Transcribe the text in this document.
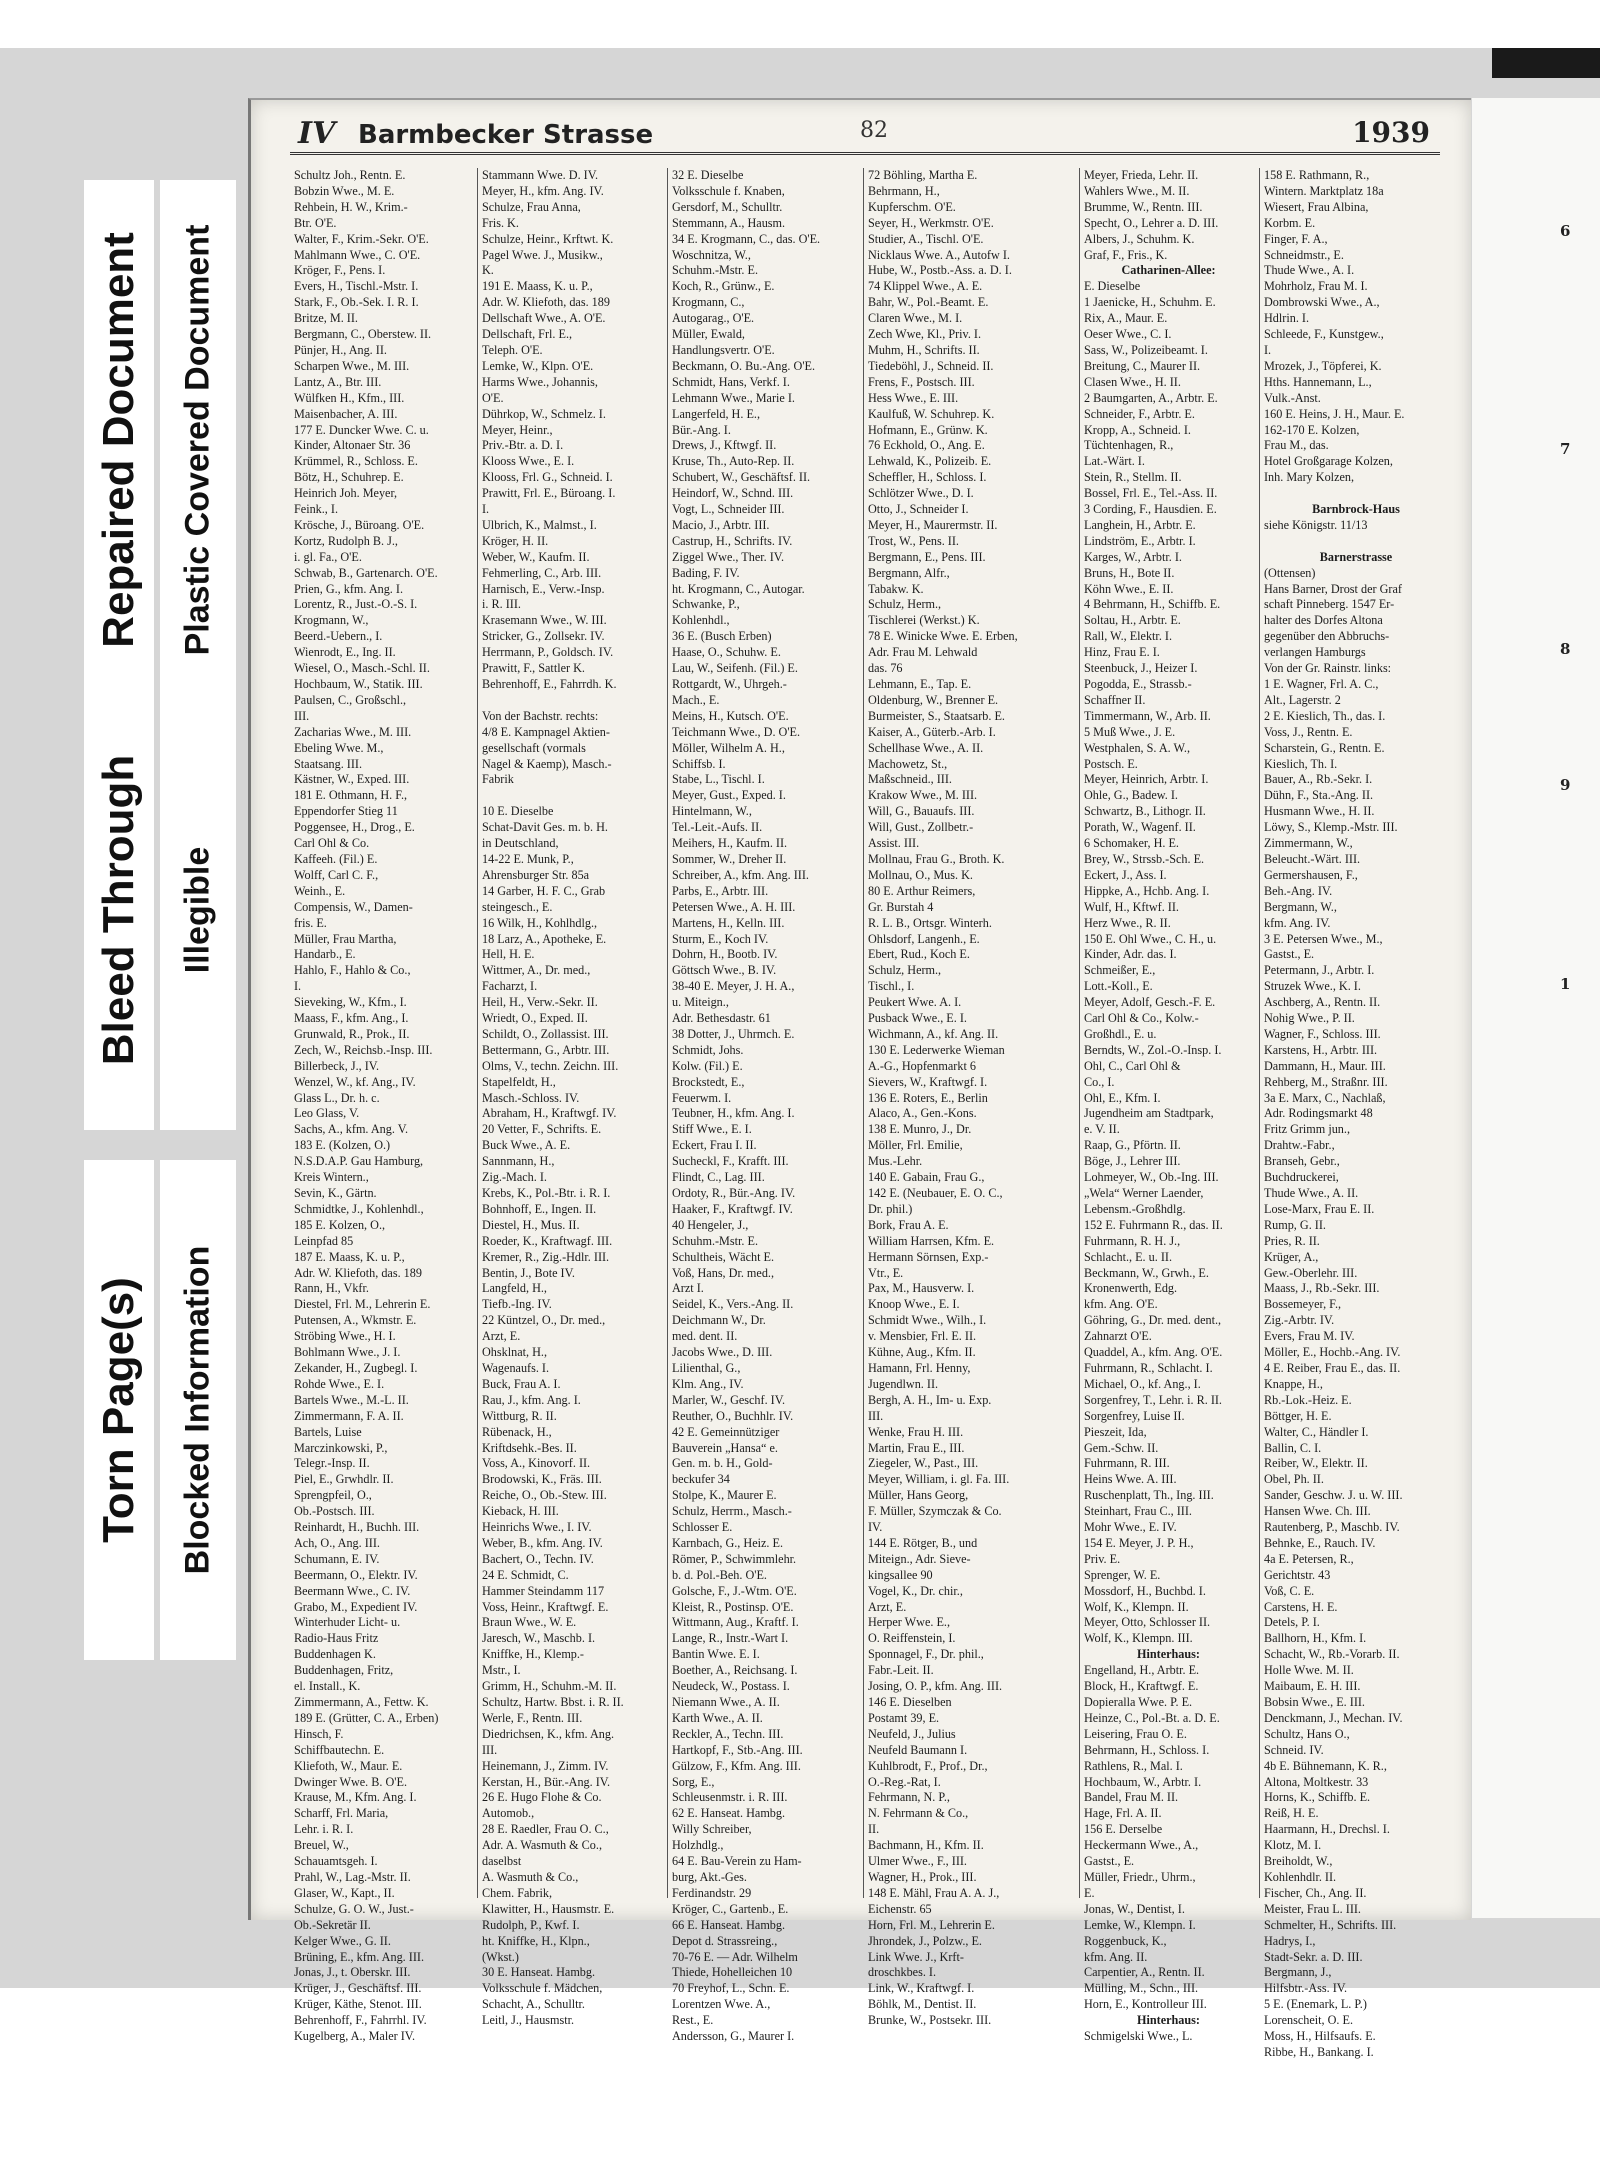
Repaired Document Plastic Covered Document
Bleed Through Illegible
Torn Page(s) Blocked Information
6
7
8
9
1
IV Barmbecker Strasse	82	1939
Schultz Joh., Rentn. E.
Bobzin Wwe., M. E.
Rehbein, H. W., Krim.-
Btr. O'E.
Walter, F., Krim.-Sekr. O'E.
Mahlmann Wwe., C. O'E.
Kröger, F., Pens. I.
Evers, H., Tischl.-Mstr. I.
Stark, F., Ob.-Sek. I. R. I.
Britze, M. II.
Bergmann, C., Oberstew. II.
Pünjer, H., Ang. II.
Scharpen Wwe., M. III.
Lantz, A., Btr. III.
Wülfken H., Kfm., III.
Maisenbacher, A. III.
177 E. Duncker Wwe. C. u.
Kinder, Altonaer Str. 36
Krümmel, R., Schloss. E.
Bötz, H., Schuhrep. E.
Heinrich Joh. Meyer,
Feink., I.
Krösche, J., Büroang. O'E.
Kortz, Rudolph B. J.,
i. gl. Fa., O'E.
Schwab, B., Gartenarch. O'E.
Prien, G., kfm. Ang. I.
Lorentz, R., Just.-O.-S. I.
Krogmann, W.,
Beerd.-Uebern., I.
Wienrodt, E., Ing. II.
Wiesel, O., Masch.-Schl. II.
Hochbaum, W., Statik. III.
Paulsen, C., Großschl.,
III.
Zacharias Wwe., M. III.
Ebeling Wwe. M.,
Staatsang. III.
Kästner, W., Exped. III.
181 E. Othmann, H. F.,
Eppendorfer Stieg 11
Poggensee, H., Drog., E.
Carl Ohl & Co.
Kaffeeh. (Fil.) E.
Wolff, Carl C. F.,
Weinh., E.
Compensis, W., Damen-
fris. E.
Müller, Frau Martha,
Handarb., E.
Hahlo, F., Hahlo & Co.,
I.
Sieveking, W., Kfm., I.
Maass, F., kfm. Ang., I.
Grunwald, R., Prok., II.
Zech, W., Reichsb.-Insp. III.
Billerbeck, J., IV.
Wenzel, W., kf. Ang., IV.
Glass L., Dr. h. c.
Leo Glass, V.
Sachs, A., kfm. Ang. V.
183 E. (Kolzen, O.)
N.S.D.A.P. Gau Hamburg,
Kreis Wintern.,
Sevin, K., Gärtn.
Schmidtke, J., Kohlenhdl.,
185 E. Kolzen, O.,
Leinpfad 85
187 E. Maass, K. u. P.,
Adr. W. Kliefoth, das. 189
Rann, H., Vkfr.
Diestel, Frl. M., Lehrerin E.
Putensen, A., Wkmstr. E.
Ströbing Wwe., H. I.
Bohlmann Wwe., J. I.
Zekander, H., Zugbegl. I.
Rohde Wwe., E. I.
Bartels Wwe., M.-L. II.
Zimmermann, F. A. II.
Bartels, Luise
Marczinkowski, P.,
Telegr.-Insp. II.
Piel, E., Grwhdlr. II.
Sprengpfeil, O.,
Ob.-Postsch. III.
Reinhardt, H., Buchh. III.
Ach, O., Ang. III.
Schumann, E. IV.
Beermann, O., Elektr. IV.
Beermann Wwe., C. IV.
Grabo, M., Expedient IV.
Winterhuder Licht- u.
Radio-Haus Fritz
Buddenhagen K.
Buddenhagen, Fritz,
el. Install., K.
Zimmermann, A., Fettw. K.
189 E. (Grütter, C. A., Erben)
Hinsch, F.
Schiffbautechn. E.
Kliefoth, W., Maur. E.
Dwinger Wwe. B. O'E.
Krause, M., Kfm. Ang. I.
Scharff, Frl. Maria,
Lehr. i. R. I.
Breuel, W.,
Schauamtsgeh. I.
Prahl, W., Lag.-Mstr. II.
Glaser, W., Kapt., II.
Schulze, G. O. W., Just.-
Ob.-Sekretär II.
Kelger Wwe., G. II.
Brüning, E., kfm. Ang. III.
Jonas, J., t. Oberskr. III.
Krüger, J., Geschäftsf. III.
Krüger, Käthe, Stenot. III.
Behrenhoff, F., Fahrrhl. IV.
Kugelberg, A., Maler IV.
Stammann Wwe. D. IV.
Meyer, H., kfm. Ang. IV.
Schulze, Frau Anna,
Fris. K.
Schulze, Heinr., Krftwt. K.
Pagel Wwe. J., Musikw.,
K.
191 E. Maass, K. u. P.,
Adr. W. Kliefoth, das. 189
Dellschaft Wwe., A. O'E.
Dellschaft, Frl. E.,
Teleph. O'E.
Lemke, W., Klpn. O'E.
Harms Wwe., Johannis,
O'E.
Dührkop, W., Schmelz. I.
Meyer, Heinr.,
Priv.-Btr. a. D. I.
Klooss Wwe., E. I.
Klooss, Frl. G., Schneid. I.
Prawitt, Frl. E., Büroang. I.
I.
Ulbrich, K., Malmst., I.
Kröger, H. II.
Weber, W., Kaufm. II.
Fehmerling, C., Arb. III.
Harnisch, E., Verw.-Insp.
i. R. III.
Krasemann Wwe., W. III.
Stricker, G., Zollsekr. IV.
Herrmann, P., Goldsch. IV.
Prawitt, F., Sattler K.
Behrenhoff, E., Fahrrdh. K.

Von der Bachstr. rechts:
4/8 E. Kampnagel Aktien-
gesellschaft (vormals
Nagel & Kaemp), Masch.-
Fabrik

10 E. Dieselbe
Schat-Davit Ges. m. b. H.
in Deutschland,
14-22 E. Munk, P.,
Ahrensburger Str. 85a
14 Garber, H. F. C., Grab
steingesch., E.
16 Wilk, H., Kohlhdlg.,
18 Larz, A., Apotheke, E.
Hell, H. E.
Wittmer, A., Dr. med.,
Facharzt, I.
Heil, H., Verw.-Sekr. II.
Wriedt, O., Exped. II.
Schildt, O., Zollassist. III.
Bettermann, G., Arbtr. III.
Olms, V., techn. Zeichn. III.
Stapelfeldt, H.,
Masch.-Schloss. IV.
Abraham, H., Kraftwgf. IV.
20 Vetter, F., Schrifts. E.
Buck Wwe., A. E.
Sannmann, H.,
Zig.-Mach. I.
Krebs, K., Pol.-Btr. i. R. I.
Bohnhoff, E., Ingen. II.
Diestel, H., Mus. II.
Roeder, K., Kraftwagf. III.
Kremer, R., Zig.-Hdlr. III.
Bentin, J., Bote IV.
Langfeld, H.,
Tiefb.-Ing. IV.
22 Küntzel, O., Dr. med.,
Arzt, E.
Ohsklnat, H.,
Wagenaufs. I.
Buck, Frau A. I.
Rau, J., kfm. Ang. I.
Wittburg, R. II.
Rübenack, H.,
Kriftdsehk.-Bes. II.
Voss, A., Kinovorf. II.
Brodowski, K., Fräs. III.
Reiche, O., Ob.-Stew. III.
Kieback, H. III.
Heinrichs Wwe., I. IV.
Weber, B., kfm. Ang. IV.
Bachert, O., Techn. IV.
24 E. Schmidt, C.
Hammer Steindamm 117
Voss, Heinr., Kraftwgf. E.
Braun Wwe., W. E.
Jaresch, W., Maschb. I.
Kniffke, H., Klemp.-
Mstr., I.
Grimm, H., Schuhm.-M. II.
Schultz, Hartw. Bbst. i. R. II.
Werle, F., Rentn. III.
Diedrichsen, K., kfm. Ang.
III.
Heinemann, J., Zimm. IV.
Kerstan, H., Bür.-Ang. IV.
26 E. Hugo Flohe & Co.
Automob.,
28 E. Raedler, Frau O. C.,
Adr. A. Wasmuth & Co.,
daselbst
A. Wasmuth & Co.,
Chem. Fabrik,
Klawitter, H., Hausmstr. E.
Rudolph, P., Kwf. I.
ht. Kniffke, H., Klpn.,
(Wkst.)
30 E. Hanseat. Hambg.
Volksschule f. Mädchen,
Schacht, A., Schulltr.
Leitl, J., Hausmstr.
32 E. Dieselbe
Volksschule f. Knaben,
Gersdorf, M., Schulltr.
Stemmann, A., Hausm.
34 E. Krogmann, C., das. O'E.
Woschnitza, W.,
Schuhm.-Mstr. E.
Koch, R., Grünw., E.
Krogmann, C.,
Autogarag., O'E.
Müller, Ewald,
Handlungsvertr. O'E.
Beckmann, O. Bu.-Ang. O'E.
Schmidt, Hans, Verkf. I.
Lehmann Wwe., Marie I.
Langerfeld, H. E.,
Bür.-Ang. I.
Drews, J., Kftwgf. II.
Kruse, Th., Auto-Rep. II.
Schubert, W., Geschäftsf. II.
Heindorf, W., Schnd. III.
Vogt, L., Schneider III.
Macio, J., Arbtr. III.
Castrup, H., Schrifts. IV.
Ziggel Wwe., Ther. IV.
Bading, F. IV.
ht. Krogmann, C., Autogar.
Schwanke, P.,
Kohlenhdl.,
36 E. (Busch Erben)
Haase, O., Schuhw. E.
Lau, W., Seifenh. (Fil.) E.
Rottgardt, W., Uhrgeh.-
Mach., E.
Meins, H., Kutsch. O'E.
Teichmann Wwe., D. O'E.
Möller, Wilhelm A. H.,
Schiffsb. I.
Stabe, L., Tischl. I.
Meyer, Gust., Exped. I.
Hintelmann, W.,
Tel.-Leit.-Aufs. II.
Meihers, H., Kaufm. II.
Sommer, W., Dreher II.
Schreiber, A., kfm. Ang. III.
Parbs, E., Arbtr. III.
Petersen Wwe., A. H. III.
Martens, H., Kelln. III.
Sturm, E., Koch IV.
Dohrn, H., Bootb. IV.
Göttsch Wwe., B. IV.
38-40 E. Meyer, J. H. A.,
u. Miteign.,
Adr. Bethesdastr. 61
38 Dotter, J., Uhrmch. E.
Schmidt, Johs.
Kolw. (Fil.) E.
Brockstedt, E.,
Feuerwm. I.
Teubner, H., kfm. Ang. I.
Stiff Wwe., E. I.
Eckert, Frau I. II.
Sucheckl, F., Krafft. III.
Flindt, C., Lag. III.
Ordoty, R., Bür.-Ang. IV.
Haaker, F., Kraftwgf. IV.
40 Hengeler, J.,
Schuhm.-Mstr. E.
Schultheis, Wächt E.
Voß, Hans, Dr. med.,
Arzt I.
Seidel, K., Vers.-Ang. II.
Deichmann W., Dr.
med. dent. II.
Jacobs Wwe., D. III.
Lilienthal, G.,
Klm. Ang., IV.
Marler, W., Geschf. IV.
Reuther, O., Buchhlr. IV.
42 E. Gemeinnütziger
Bauverein „Hansa“ e.
Gen. m. b. H., Gold-
beckufer 34
Stolpe, K., Maurer E.
Schulz, Herrm., Masch.-
Schlosser E.
Karnbach, G., Heiz. E.
Römer, P., Schwimmlehr.
b. d. Pol.-Beh. O'E.
Golsche, F., J.-Wtm. O'E.
Kleist, R., Postinsp. O'E.
Wittmann, Aug., Kraftf. I.
Lange, R., Instr.-Wart I.
Bantin Wwe. E. I.
Boether, A., Reichsang. I.
Neudeck, W., Postass. I.
Niemann Wwe., A. II.
Karth Wwe., A. II.
Reckler, A., Techn. III.
Hartkopf, F., Stb.-Ang. III.
Gülzow, F., Kfm. Ang. III.
Sorg, E.,
Schleusenmstr. i. R. III.
62 E. Hanseat. Hambg.
Willy Schreiber,
Holzhdlg.,
64 E. Bau-Verein zu Ham-
burg, Akt.-Ges.
Ferdinandstr. 29
Kröger, C., Gartenb., E.
66 E. Hanseat. Hambg.
Depot d. Strassreing.,
70-76 E. — Adr. Wilhelm
Thiede, Hohelleichen 10
70 Freyhof, L., Schn. E.
Lorentzen Wwe. A.,
Rest., E.
Andersson, G., Maurer I.
72 Böhling, Martha E.
Behrmann, H.,
Kupferschm. O'E.
Seyer, H., Werkmstr. O'E.
Studier, A., Tischl. O'E.
Nicklaus Wwe. A., Autofw I.
Hube, W., Postb.-Ass. a. D. I.
74 Klippel Wwe., A. E.
Bahr, W., Pol.-Beamt. E.
Claren Wwe., M. I.
Zech Wwe, Kl., Priv. I.
Muhm, H., Schrifts. II.
Tiedeböhl, J., Schneid. II.
Frens, F., Postsch. III.
Hess Wwe., E. III.
Kaulfuß, W. Schuhrep. K.
Hofmann, E., Grünw. K.
76 Eckhold, O., Ang. E.
Lehwald, K., Polizeib. E.
Scheffler, H., Schloss. I.
Schlötzer Wwe., D. I.
Otto, J., Schneider I.
Meyer, H., Maurermstr. II.
Trost, W., Pens. II.
Bergmann, E., Pens. III.
Bergmann, Alfr.,
Tabakw. K.
Schulz, Herm.,
Tischlerei (Werkst.) K.
78 E. Winicke Wwe. E. Erben,
Adr. Frau M. Lehwald
das. 76
Lehmann, E., Tap. E.
Oldenburg, W., Brenner E.
Burmeister, S., Staatsarb. E.
Kaiser, A., Güterb.-Arb. I.
Schellhase Wwe., A. II.
Machowetz, St.,
Maßschneid., III.
Krakow Wwe., M. III.
Will, G., Bauaufs. III.
Will, Gust., Zollbetr.-
Assist. III.
Mollnau, Frau G., Broth. K.
Mollnau, O., Mus. K.
80 E. Arthur Reimers,
Gr. Burstah 4
R. L. B., Ortsgr. Winterh.
Ohlsdorf, Langenh., E.
Ebert, Rud., Koch E.
Schulz, Herm.,
Tischl., I.
Peukert Wwe. A. I.
Pusback Wwe., E. I.
Wichmann, A., kf. Ang. II.
130 E. Lederwerke Wieman
A.-G., Hopfenmarkt 6
Sievers, W., Kraftwgf. I.
136 E. Roters, E., Berlin
Alaco, A., Gen.-Kons.
138 E. Munro, J., Dr.
Möller, Frl. Emilie,
Mus.-Lehr.
140 E. Gabain, Frau G.,
142 E. (Neubauer, E. O. C.,
Dr. phil.)
Bork, Frau A. E.
William Harrsen, Kfm. E.
Hermann Sörnsen, Exp.-
Vtr., E.
Pax, M., Hausverw. I.
Knoop Wwe., E. I.
Schmidt Wwe., Wilh., I.
v. Mensbier, Frl. E. II.
Kühne, Aug., Kfm. II.
Hamann, Frl. Henny,
Jugendlwn. II.
Bergh, A. H., Im- u. Exp.
III.
Wenke, Frau H. III.
Martin, Frau E., III.
Ziegeler, W., Past., III.
Meyer, William, i. gl. Fa. III.
Müller, Hans Georg,
F. Müller, Szymczak & Co.
IV.
144 E. Rötger, B., und
Miteign., Adr. Sieve-
kingsallee 90
Vogel, K., Dr. chir.,
Arzt, E.
Herper Wwe. E.,
O. Reiffenstein, I.
Sponnagel, F., Dr. phil.,
Fabr.-Leit. II.
Josing, O. P., kfm. Ang. III.
146 E. Dieselben
Postamt 39, E.
Neufeld, J., Julius
Neufeld Baumann I.
Kuhlbrodt, F., Prof., Dr.,
O.-Reg.-Rat, I.
Fehrmann, N. P.,
N. Fehrmann & Co.,
II.
Bachmann, H., Kfm. II.
Ulmer Wwe., F., III.
Wagner, H., Prok., III.
148 E. Mähl, Frau A. A. J.,
Eichenstr. 65
Horn, Frl. M., Lehrerin E.
Jhrondek, J., Polzw., E.
Link Wwe. J., Krft-
droschkbes. I.
Link, W., Kraftwgf. I.
Böhlk, M., Dentist. II.
Brunke, W., Postsekr. III.
Meyer, Frieda, Lehr. II.
Wahlers Wwe., M. II.
Brumme, W., Rentn. III.
Specht, O., Lehrer a. D. III.
Albers, J., Schuhm. K.
Graf, F., Fris., K.
Catharinen-Allee:
E. Dieselbe
1 Jaenicke, H., Schuhm. E.
Rix, A., Maur. E.
Oeser Wwe., C. I.
Sass, W., Polizeibeamt. I.
Breitung, C., Maurer II.
Clasen Wwe., H. II.
2 Baumgarten, A., Arbtr. E.
Schneider, F., Arbtr. E.
Kropp, A., Schneid. I.
Tüchtenhagen, R.,
Lat.-Wärt. I.
Stein, R., Stellm. II.
Bossel, Frl. E., Tel.-Ass. II.
3 Cording, F., Hausdien. E.
Langhein, H., Arbtr. E.
Lindström, E., Arbtr. I.
Karges, W., Arbtr. I.
Bruns, H., Bote II.
Köhn Wwe., E. II.
4 Behrmann, H., Schiffb. E.
Soltau, H., Arbtr. E.
Rall, W., Elektr. I.
Hinz, Frau E. I.
Steenbuck, J., Heizer I.
Pogodda, E., Strassb.-
Schaffner II.
Timmermann, W., Arb. II.
5 Muß Wwe., J. E.
Westphalen, S. A. W.,
Postsch. E.
Meyer, Heinrich, Arbtr. I.
Ohle, G., Badew. I.
Schwartz, B., Lithogr. II.
Porath, W., Wagenf. II.
6 Schomaker, H. E.
Brey, W., Strssb.-Sch. E.
Eckert, J., Ass. I.
Hippke, A., Hchb. Ang. I.
Wulf, H., Kftwf. II.
Herz Wwe., R. II.
150 E. Ohl Wwe., C. H., u.
Kinder, Adr. das. I.
Schmeißer, E.,
Lott.-Koll., E.
Meyer, Adolf, Gesch.-F. E.
Carl Ohl & Co., Kolw.-
Großhdl., E. u.
Berndts, W., Zol.-O.-Insp. I.
Ohl, C., Carl Ohl &
Co., I.
Ohl, E., Kfm. I.
Jugendheim am Stadtpark,
e. V. II.
Raap, G., Pförtn. II.
Böge, J., Lehrer III.
Lohmeyer, W., Ob.-Ing. III.
„Wela“ Werner Laender,
Lebensm.-Großhdlg.
152 E. Fuhrmann R., das. II.
Fuhrmann, R. H. J.,
Schlacht., E. u. II.
Beckmann, W., Grwh., E.
Kronenwerth, Edg.
kfm. Ang. O'E.
Göhring, G., Dr. med. dent.,
Zahnarzt O'E.
Quaddel, A., kfm. Ang. O'E.
Fuhrmann, R., Schlacht. I.
Michael, O., kf. Ang., I.
Sorgenfrey, T., Lehr. i. R. II.
Sorgenfrey, Luise II.
Pieszeit, Ida,
Gem.-Schw. II.
Fuhrmann, R. III.
Heins Wwe. A. III.
Ruschenplatt, Th., Ing. III.
Steinhart, Frau C., III.
Mohr Wwe., E. IV.
154 E. Meyer, J. P. H.,
Priv. E.
Sprenger, W. E.
Mossdorf, H., Buchbd. I.
Wolf, K., Klempn. II.
Meyer, Otto, Schlosser II.
Wolf, K., Klempn. III.
Hinterhaus:
Engelland, H., Arbtr. E.
Block, H., Kraftwgf. E.
Dopieralla Wwe. P. E.
Heinze, C., Pol.-Bt. a. D. E.
Leisering, Frau O. E.
Behrmann, H., Schloss. I.
Rathlens, R., Mal. I.
Hochbaum, W., Arbtr. I.
Bandel, Frau M. II.
Hage, Frl. A. II.
156 E. Derselbe
Heckermann Wwe., A.,
Gastst., E.
Müller, Friedr., Uhrm.,
E.
Jonas, W., Dentist, I.
Lemke, W., Klempn. I.
Roggenbuck, K.,
kfm. Ang. II.
Carpentier, A., Rentn. II.
Mülling, M., Schn., III.
Horn, E., Kontrolleur III.
Hinterhaus:
Schmigelski Wwe., L.
158 E. Rathmann, R.,
Wintern. Marktplatz 18a
Wiesert, Frau Albina,
Korbm. E.
Finger, F. A.,
Schneidmstr., E.
Thude Wwe., A. I.
Mohrholz, Frau M. I.
Dombrowski Wwe., A.,
Hdlrin. I.
Schleede, F., Kunstgew.,
I.
Mrozek, J., Töpferei, K.
Hths. Hannemann, L.,
Vulk.-Anst.
160 E. Heins, J. H., Maur. E.
162-170 E. Kolzen,
Frau M., das.
Hotel Großgarage Kolzen,
Inh. Mary Kolzen,

Barnbrock-Haus
siehe Königstr. 11/13

Barnerstrasse
(Ottensen)
Hans Barner, Drost der Graf
schaft Pinneberg. 1547 Er-
halter des Dorfes Altona
gegenüber den Abbruchs-
verlangen Hamburgs
Von der Gr. Rainstr. links:
1 E. Wagner, Frl. A. C.,
Alt., Lagerstr. 2
2 E. Kieslich, Th., das. I.
Voss, J., Rentn. E.
Scharstein, G., Rentn. E.
Kieslich, Th. I.
Bauer, A., Rb.-Sekr. I.
Dühn, F., Sta.-Ang. II.
Husmann Wwe., H. II.
Löwy, S., Klemp.-Mstr. III.
Zimmermann, W.,
Beleucht.-Wärt. III.
Germershausen, F.,
Beh.-Ang. IV.
Bergmann, W.,
kfm. Ang. IV.
3 E. Petersen Wwe., M.,
Gastst., E.
Petermann, J., Arbtr. I.
Struzek Wwe., K. I.
Aschberg, A., Rentn. II.
Nohig Wwe., P. II.
Wagner, F., Schloss. III.
Karstens, H., Arbtr. III.
Dammann, H., Maur. III.
Rehberg, M., Straßnr. III.
3a E. Marx, C., Nachlaß,
Adr. Rodingsmarkt 48
Fritz Grimm jun.,
Drahtw.-Fabr.,
Branseh, Gebr.,
Buchdruckerei,
Thude Wwe., A. II.
Lose-Marx, Frau E. II.
Rump, G. II.
Pries, R. II.
Krüger, A.,
Gew.-Oberlehr. III.
Maass, J., Rb.-Sekr. III.
Bossemeyer, F.,
Zig.-Arbtr. IV.
Evers, Frau M. IV.
Möller, E., Hochb.-Ang. IV.
4 E. Reiber, Frau E., das. II.
Knappe, H.,
Rb.-Lok.-Heiz. E.
Böttger, H. E.
Walter, C., Händler I.
Ballin, C. I.
Reiber, W., Elektr. II.
Obel, Ph. II.
Sander, Geschw. J. u. W. III.
Hansen Wwe. Ch. III.
Rautenberg, P., Maschb. IV.
Behnke, E., Rauch. IV.
4a E. Petersen, R.,
Gerichtstr. 43
Voß, C. E.
Carstens, H. E.
Detels, P. I.
Ballhorn, H., Kfm. I.
Schacht, W., Rb.-Vorarb. II.
Holle Wwe. M. II.
Maibaum, E. H. III.
Bobsin Wwe., E. III.
Denckmann, J., Mechan. IV.
Schultz, Hans O.,
Schneid. IV.
4b E. Bühnemann, K. R.,
Altona, Moltkestr. 33
Horns, K., Schiffb. E.
Reiß, H. E.
Haarmann, H., Drechsl. I.
Klotz, M. I.
Breiholdt, W.,
Kohlenhdlr. II.
Fischer, Ch., Ang. II.
Meister, Frau L. III.
Schmelter, H., Schrifts. III.
Hadrys, I.,
Stadt-Sekr. a. D. III.
Bergmann, J.,
Hilfsbtr.-Ass. IV.
5 E. (Enemark, L. P.)
Lorenscheit, O. E.
Moss, H., Hilfsaufs. E.
Ribbe, H., Bankang. I.
